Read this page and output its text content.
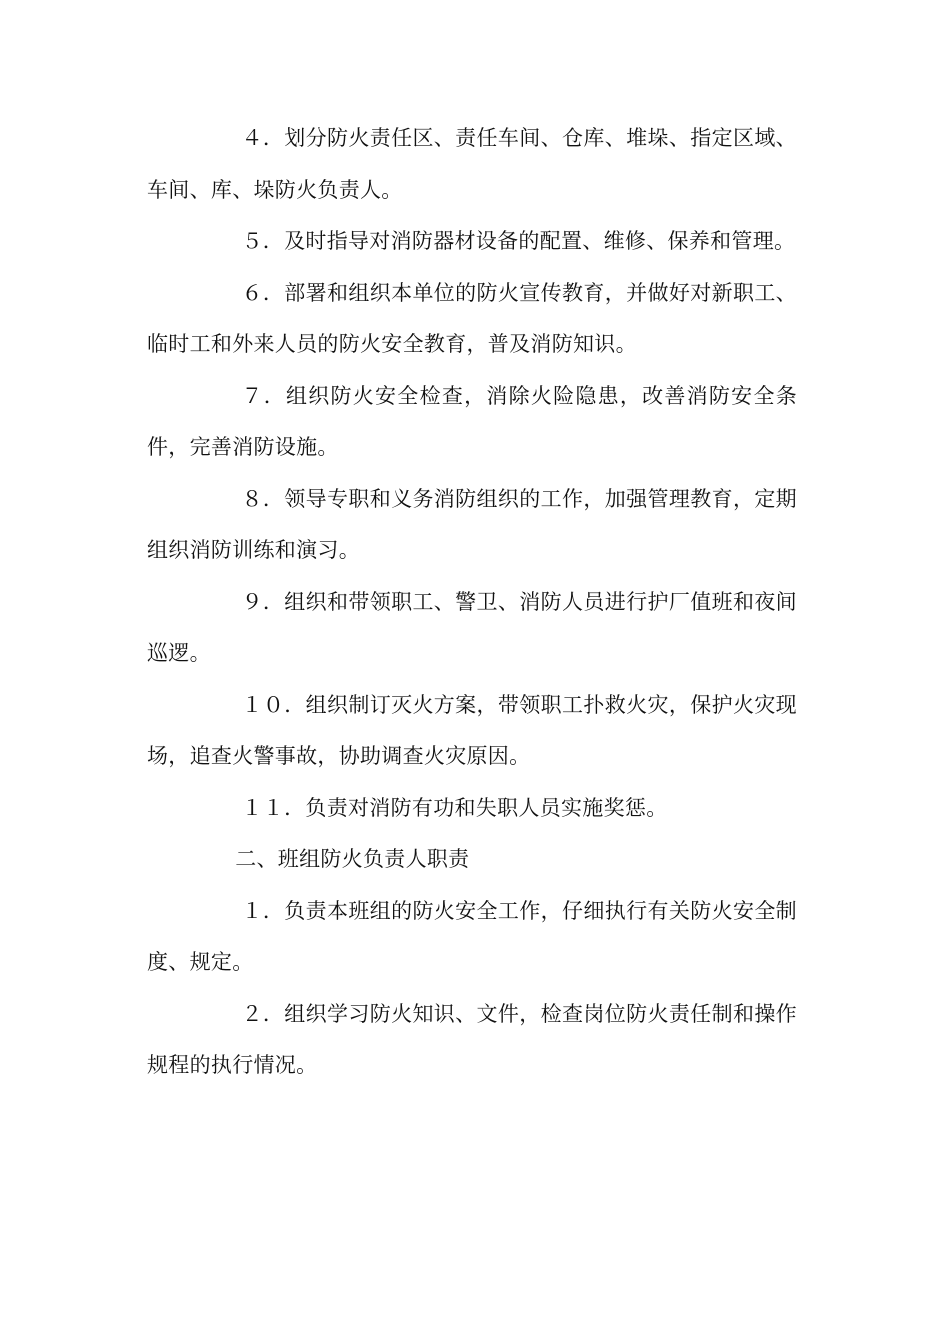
４．划分防火责任区、责任车间、仓库、堆垛、指定区域、车间、库、垛防火负责人。

５．及时指导对消防器材设备的配置、维修、保养和管理。

６．部署和组织本单位的防火宣传教育，并做好对新职工、临时工和外来人员的防火安全教育，普及消防知识。

７．组织防火安全检查，消除火险隐患，改善消防安全条件，完善消防设施。

８．领导专职和义务消防组织的工作，加强管理教育，定期组织消防训练和演习。

９．组织和带领职工、警卫、消防人员进行护厂值班和夜间巡逻。

１０．组织制订灭火方案，带领职工扑救火灾，保护火灾现场，追查火警事故，协助调查火灾原因。

１１．负责对消防有功和失职人员实施奖惩。

二、班组防火负责人职责

１．负责本班组的防火安全工作，仔细执行有关防火安全制度、规定。

２．组织学习防火知识、文件，检查岗位防火责任制和操作规程的执行情况。
